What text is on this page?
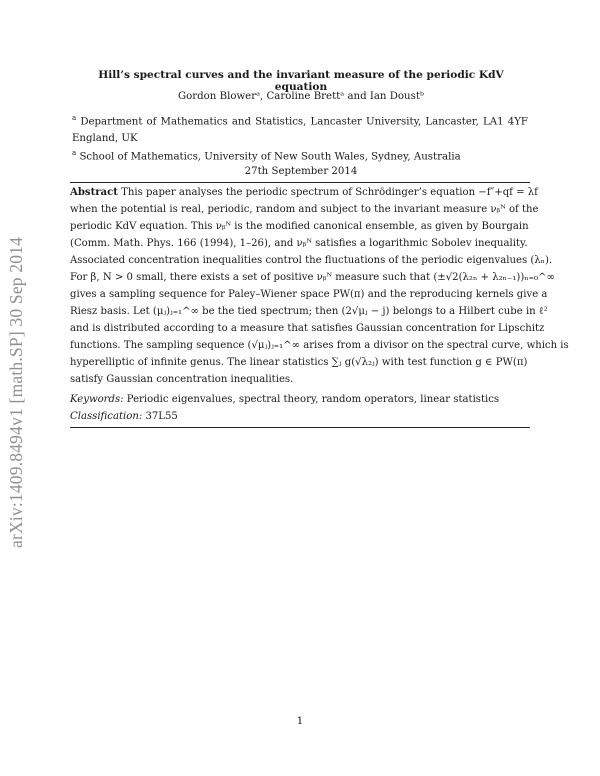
arXiv:1409.8494v1 [math.SP] 30 Sep 2014
Hill’s spectral curves and the invariant measure of the periodic KdV equation
Gordon Blowerᵃ, Caroline Brettᵃ and Ian Doustᵇ
$^a$ Department of Mathematics and Statistics, Lancaster University, Lancaster, LA1 4YF England, UK
$^a$ School of Mathematics, University of New South Wales, Sydney, Australia
27th September 2014
Abstract This paper analyses the periodic spectrum of Schrödinger’s equation −f″+qf = λf
when the potential is real, periodic, random and subject to the invariant measure νᵦᴺ of the
periodic KdV equation. This νᵦᴺ is the modified canonical ensemble, as given by Bourgain
(Comm. Math. Phys. 166 (1994), 1–26), and νᵦᴺ satisfies a logarithmic Sobolev inequality.
Associated concentration inequalities control the fluctuations of the periodic eigenvalues (λₙ).
For β, N > 0 small, there exists a set of positive νᵦᴺ measure such that (±√2(λ₂ₙ + λ₂ₙ₋₁))ₙ₌₀^∞
gives a sampling sequence for Paley–Wiener space PW(π) and the reproducing kernels give a
Riesz basis. Let (μⱼ)ⱼ₌₁^∞ be the tied spectrum; then (2√μⱼ − j) belongs to a Hilbert cube in ℓ²
and is distributed according to a measure that satisfies Gaussian concentration for Lipschitz
functions. The sampling sequence (√μⱼ)ⱼ₌₁^∞ arises from a divisor on the spectral curve, which is
hyperelliptic of infinite genus. The linear statistics ∑ⱼ g(√λ₂ⱼ) with test function g ∈ PW(π)
satisfy Gaussian concentration inequalities.
Keywords: Periodic eigenvalues, spectral theory, random operators, linear statistics
Classification: 37L55
1
